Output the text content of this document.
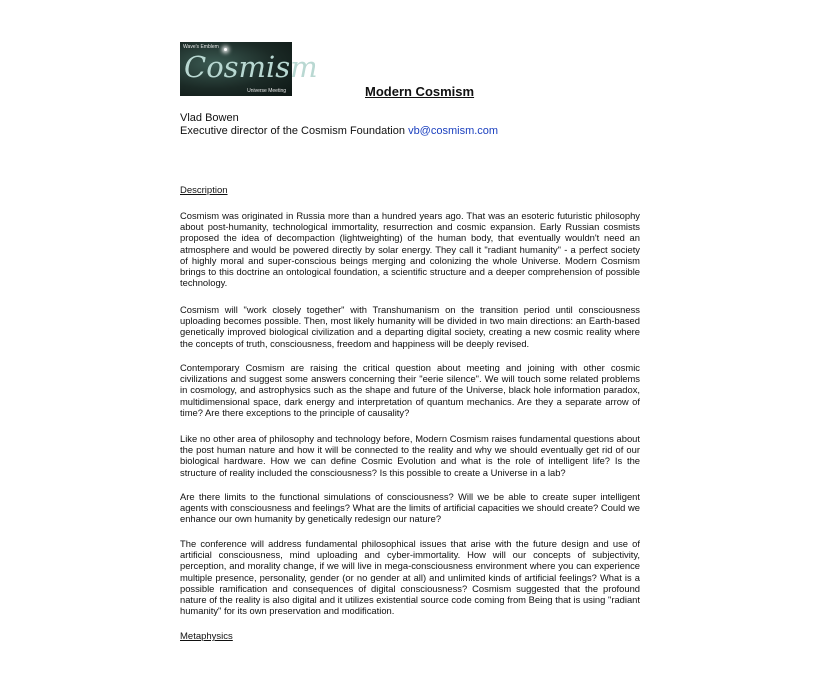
Wave's Emblem
Cosmism
Universe Meeting	Modern Cosmism
Vlad Bowen
Executive director of the Cosmism Foundation vb@cosmism.com
Description
Cosmism was originated in Russia more than a hundred years ago. That was an esoteric futuristic philosophy about post-humanity, technological immortality, resurrection and cosmic expansion. Early Russian cosmists proposed the idea of decompaction (lightweighting) of the human body, that eventually wouldn't need an atmosphere and would be powered directly by solar energy. They call it "radiant humanity" - a perfect society of highly moral and super-conscious beings merging and colonizing the whole Universe. Modern Cosmism brings to this doctrine an ontological foundation, a scientific structure and a deeper comprehension of possible technology.
Cosmism will "work closely together" with Transhumanism on the transition period until consciousness uploading becomes possible. Then, most likely humanity will be divided in two main directions: an Earth-based genetically improved biological civilization and a departing digital society, creating a new cosmic reality where the concepts of truth, consciousness, freedom and happiness will be deeply revised.
Contemporary Cosmism are raising the critical question about meeting and joining with other cosmic civilizations and suggest some answers concerning their "eerie silence". We will touch some related problems in cosmology, and astrophysics such as the shape and future of the Universe, black hole information paradox, multidimensional space, dark energy and interpretation of quantum mechanics. Are they a separate arrow of time? Are there exceptions to the principle of causality?
Like no other area of philosophy and technology before, Modern Cosmism raises fundamental questions about the post human nature and how it will be connected to the reality and why we should eventually get rid of our biological hardware. How we can define Cosmic Evolution and what is the role of intelligent life? Is the structure of reality included the consciousness? Is this possible to create a Universe in a lab?
Are there limits to the functional simulations of consciousness? Will we be able to create super intelligent agents with consciousness and feelings? What are the limits of artificial capacities we should create? Could we enhance our own humanity by genetically redesign our nature?
The conference will address fundamental philosophical issues that arise with the future design and use of artificial consciousness, mind uploading and cyber-immortality. How will our concepts of subjectivity, perception, and morality change, if we will live in mega-consciousness environment where you can experience multiple presence, personality, gender (or no gender at all) and unlimited kinds of artificial feelings? What is a possible ramification and consequences of digital consciousness? Cosmism suggested that the profound nature of the reality is also digital and it utilizes existential source code coming from Being that is using "radiant humanity" for its own preservation and modification.
Metaphysics
